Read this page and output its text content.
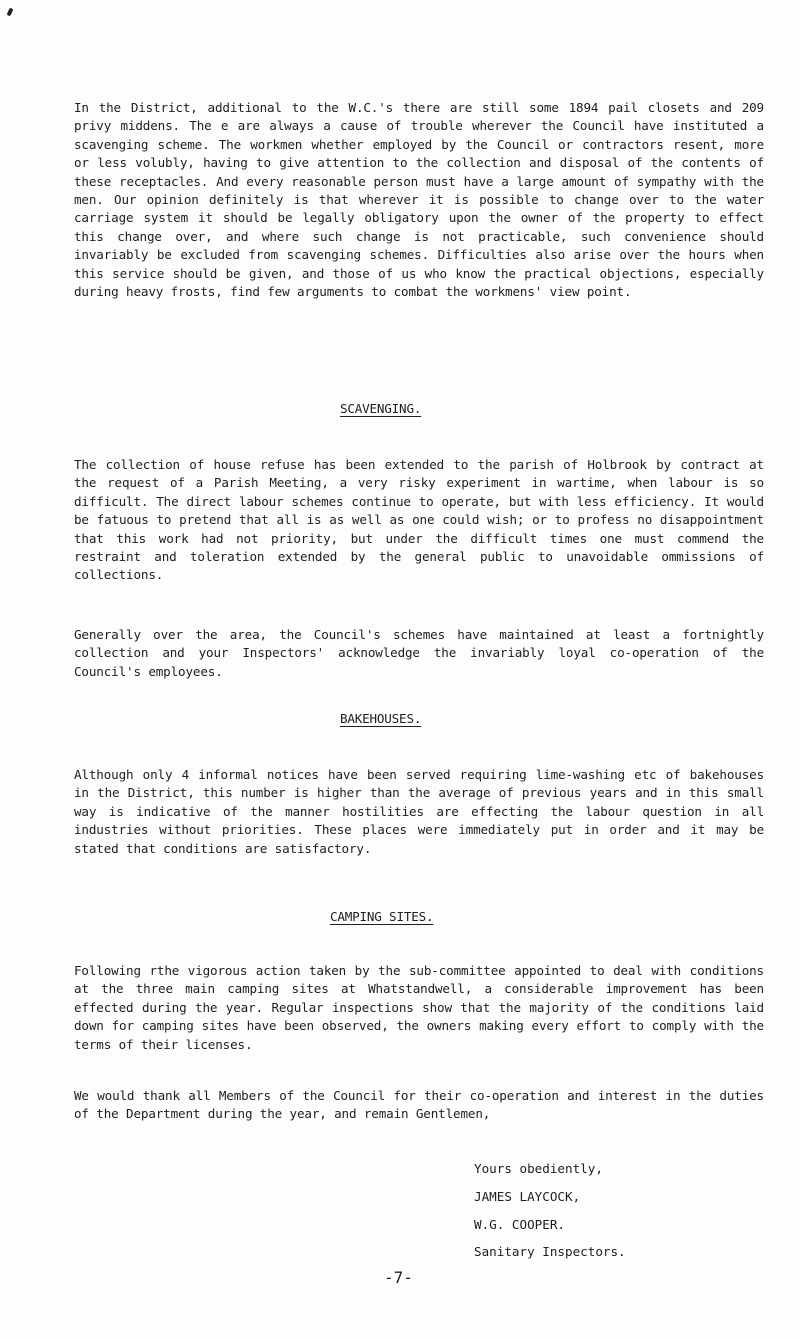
In the District, additional to the W.C.'s there are still some 1894 pail closets and 209 privy middens. The e are always a cause of trouble wherever the Council have instituted a scavenging scheme. The workmen whether employed by the Council or contractors resent, more or less volubly, having to give attention to the collection and disposal of the contents of these receptacles. And every reasonable person must have a large amount of sympathy with the men. Our opinion definitely is that wherever it is possible to change over to the water carriage system it should be legally obligatory upon the owner of the property to effect this change over, and where such change is not practicable, such convenience should invariably be excluded from scavenging schemes. Difficulties also arise over the hours when this service should be given, and those of us who know the practical objections, especially during heavy frosts, find few arguments to combat the workmens' view point.

SCAVENGING.

The collection of house refuse has been extended to the parish of Holbrook by contract at the request of a Parish Meeting, a very risky experiment in wartime, when labour is so difficult. The direct labour schemes continue to operate, but with less efficiency. It would be fatuous to pretend that all is as well as one could wish; or to profess no disappointment that this work had not priority, but under the difficult times one must commend the restraint and toleration extended by the general public to unavoidable ommissions of collections.

Generally over the area, the Council's schemes have maintained at least a fortnightly collection and your Inspectors' acknowledge the invariably loyal co-operation of the Council's employees.

BAKEHOUSES.

Although only 4 informal notices have been served requiring lime-washing etc of bakehouses in the District, this number is higher than the average of previous years and in this small way is indicative of the manner hostilities are effecting the labour question in all industries without priorities. These places were immediately put in order and it may be stated that conditions are satisfactory.

CAMPING SITES.

Following rthe vigorous action taken by the sub-committee appointed to deal with conditions at the three main camping sites at Whatstandwell, a considerable improvement has been effected during the year. Regular inspections show that the majority of the conditions laid down for camping sites have been observed, the owners making every effort to comply with the terms of their licenses.

We would thank all Members of the Council for their co-operation and interest in the duties of the Department during the year, and remain Gentlemen,

Yours obediently,

JAMES LAYCOCK,

W.G. COOPER.

Sanitary Inspectors.

-7-
